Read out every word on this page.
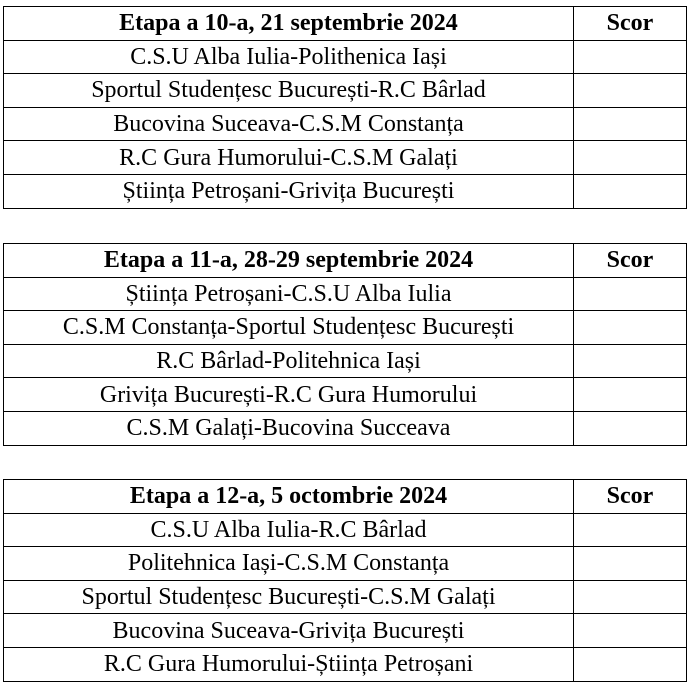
Etapa a 10-a, 21 septembrie 2024	Scor
C.S.U Alba Iulia-Polithenica Iași	
Sportul Studențesc București-R.C Bârlad	
Bucovina Suceava-C.S.M Constanța	
R.C Gura Humorului-C.S.M Galați	
Știința Petroșani-Grivița București	
Etapa a 11-a, 28-29 septembrie 2024	Scor
Știința Petroșani-C.S.U Alba Iulia	
C.S.M Constanța-Sportul Studențesc București	
R.C Bârlad-Politehnica Iași	
Grivița București-R.C Gura Humorului	
C.S.M Galați-Bucovina Succeava	
Etapa a 12-a, 5 octombrie 2024	Scor
C.S.U Alba Iulia-R.C Bârlad	
Politehnica Iași-C.S.M Constanța	
Sportul Studențesc București-C.S.M Galați	
Bucovina Suceava-Grivița București	
R.C Gura Humorului-Știința Petroșani	
